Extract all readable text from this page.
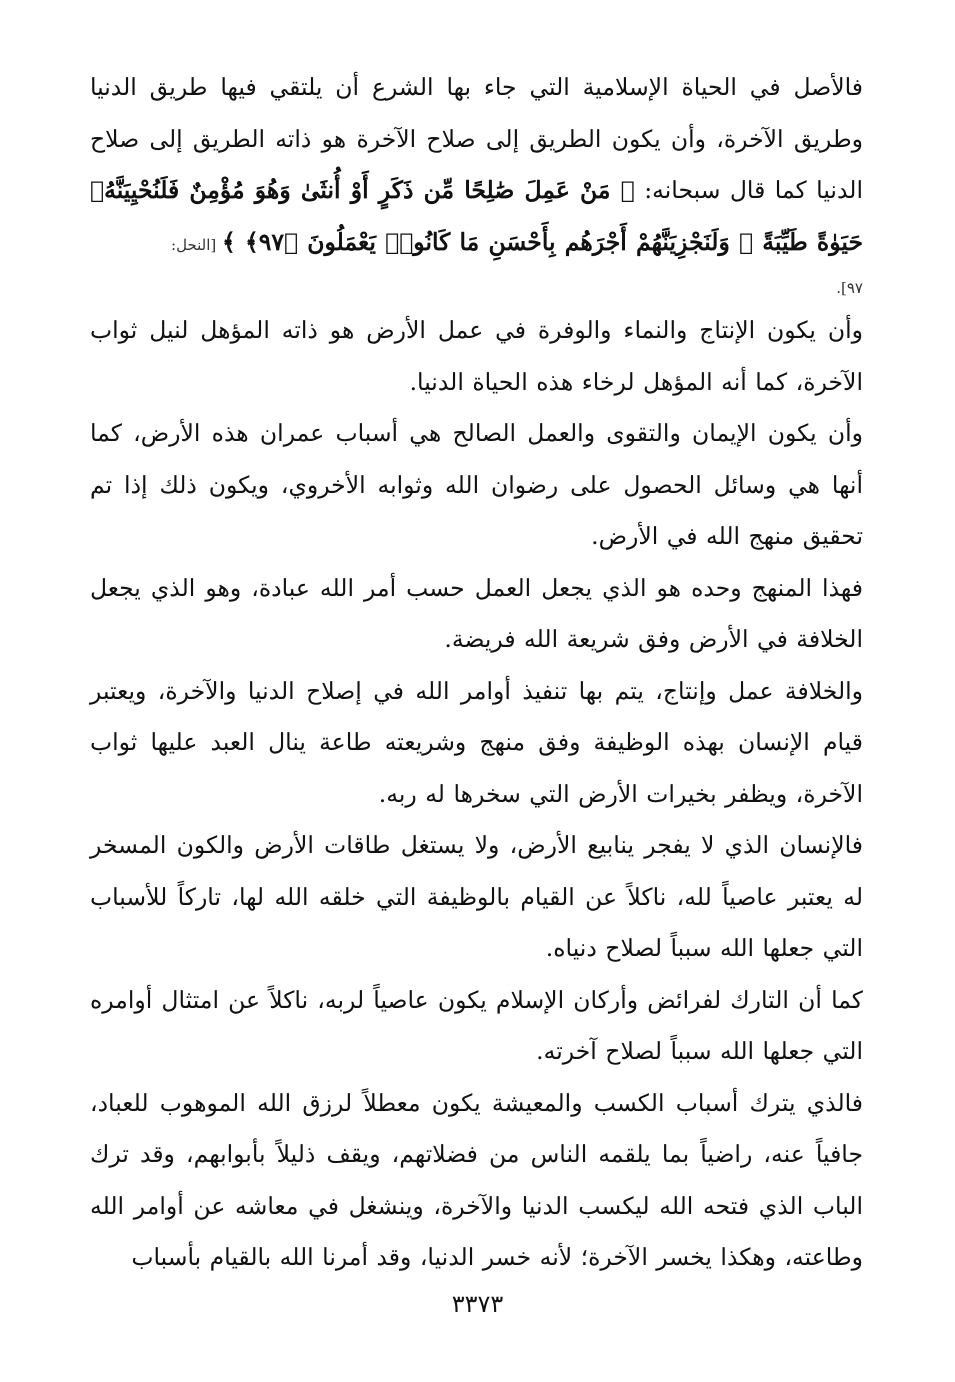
فالأصل في الحياة الإسلامية التي جاء بها الشرع أن يلتقي فيها طريق الدنيا وطريق الآخرة، وأن يكون الطريق إلى صلاح الآخرة هو ذاته الطريق إلى صلاح الدنيا كما قال سبحانه: ﴿ مَنْ عَمِلَ صَٰلِحًا مِّن ذَكَرٍ أَوْ أُنثَىٰ وَهُوَ مُؤْمِنٌ فَلَنُحْيِيَنَّهُۥ حَيَوٰةً طَيِّبَةً ۖ وَلَنَجْزِيَنَّهُمْ أَجْرَهُم بِأَحْسَنِ مَا كَانُوا۟ يَعْمَلُونَ ﴿٩٧﴾ ﴾ [النحل:

٩٧].

وأن يكون الإنتاج والنماء والوفرة في عمل الأرض هو ذاته المؤهل لنيل ثواب الآخرة، كما أنه المؤهل لرخاء هذه الحياة الدنيا.

وأن يكون الإيمان والتقوى والعمل الصالح هي أسباب عمران هذه الأرض، كما أنها هي وسائل الحصول على رضوان الله وثوابه الأخروي، ويكون ذلك إذا تم تحقيق منهج الله في الأرض.

فهذا المنهج وحده هو الذي يجعل العمل حسب أمر الله عبادة، وهو الذي يجعل الخلافة في الأرض وفق شريعة الله فريضة.

والخلافة عمل وإنتاج، يتم بها تنفيذ أوامر الله في إصلاح الدنيا والآخرة، ويعتبر قيام الإنسان بهذه الوظيفة وفق منهج وشريعته طاعة ينال العبد عليها ثواب الآخرة، ويظفر بخيرات الأرض التي سخرها له ربه.

فالإنسان الذي لا يفجر ينابيع الأرض، ولا يستغل طاقات الأرض والكون المسخر له يعتبر عاصياً لله، ناكلاً عن القيام بالوظيفة التي خلقه الله لها، تاركاً للأسباب التي جعلها الله سبباً لصلاح دنياه.

كما أن التارك لفرائض وأركان الإسلام يكون عاصياً لربه، ناكلاً عن امتثال أوامره التي جعلها الله سبباً لصلاح آخرته.

فالذي يترك أسباب الكسب والمعيشة يكون معطلاً لرزق الله الموهوب للعباد، جافياً عنه، راضياً بما يلقمه الناس من فضلاتهم، ويقف ذليلاً بأبوابهم، وقد ترك الباب الذي فتحه الله ليكسب الدنيا والآخرة، وينشغل في معاشه عن أوامر الله وطاعته، وهكذا يخسر الآخرة؛ لأنه خسر الدنيا، وقد أمرنا الله بالقيام بأسباب

٣٣٧٣
